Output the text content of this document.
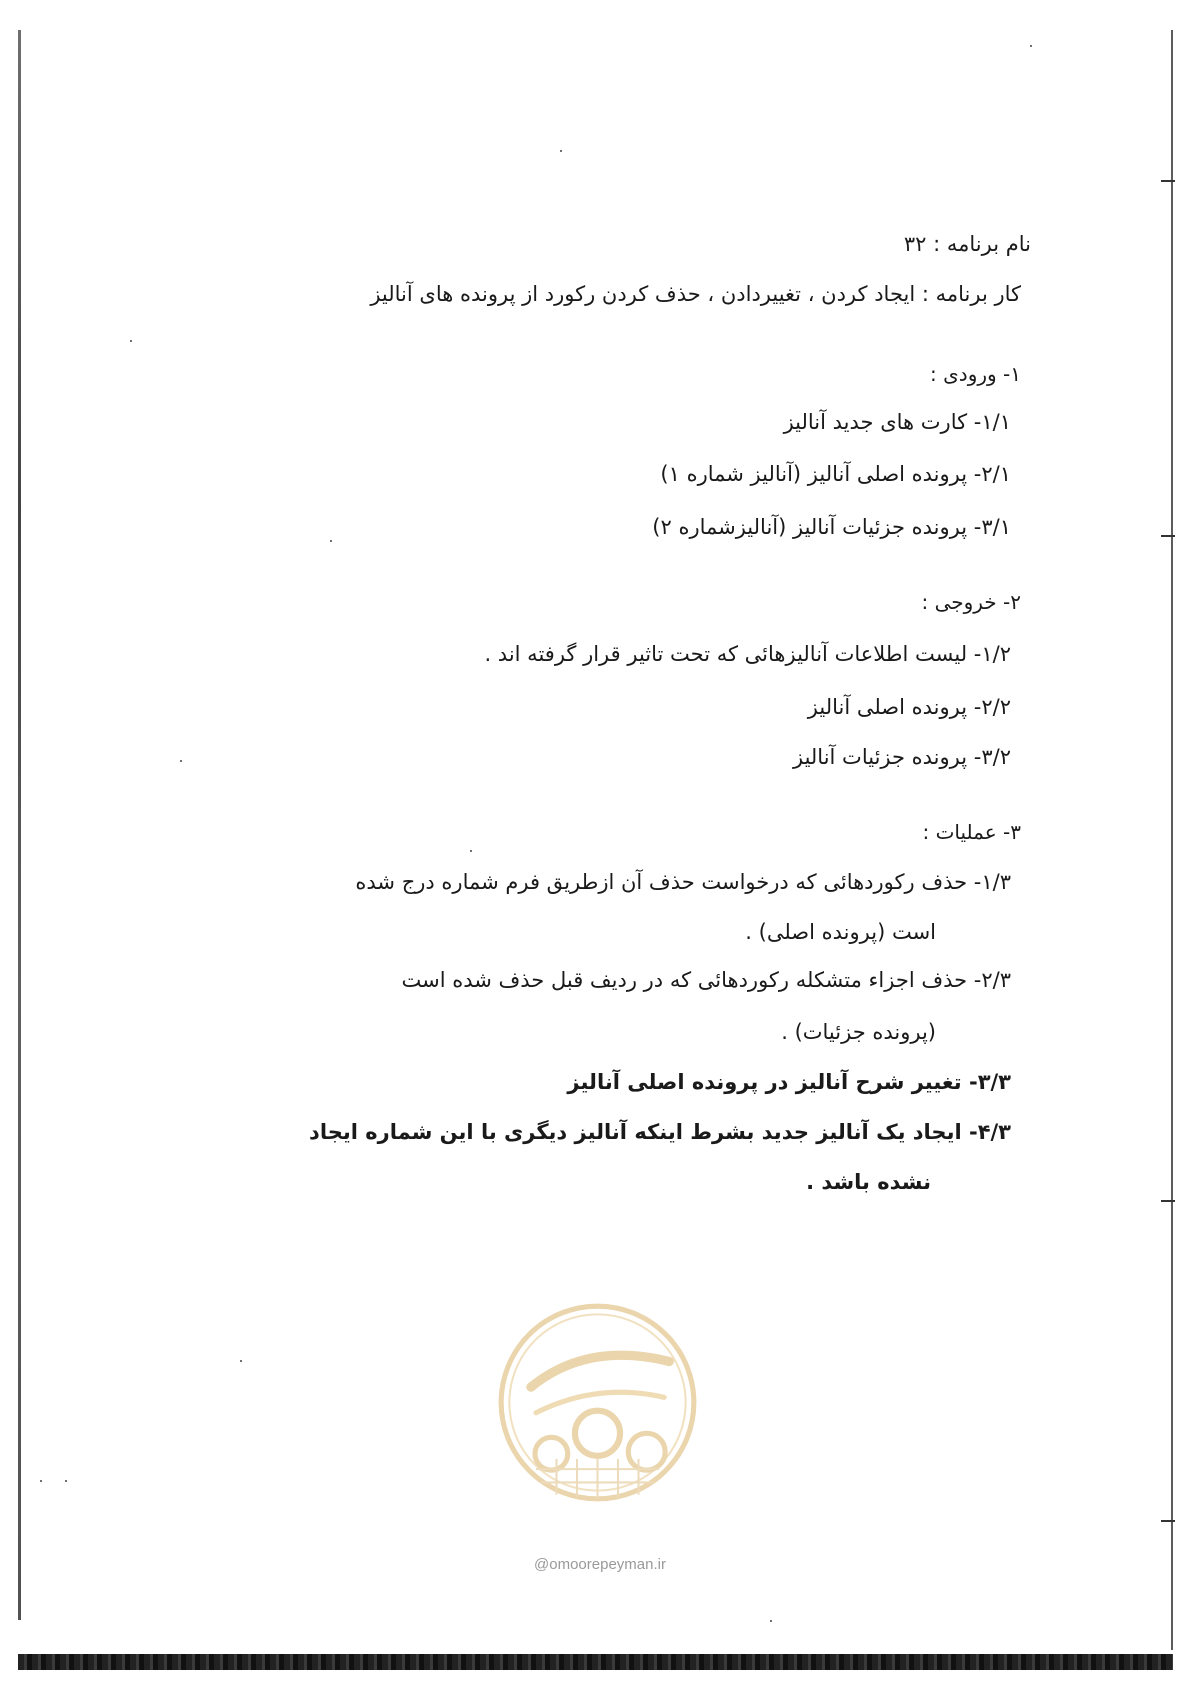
نام برنامه : ۳۲
کار برنامه : ایجاد کردن ، تغییردادن ، حذف کردن رکورد از پرونده های آنالیز
۱- ورودی :
۱/۱- کارت های جدید آنالیز
۲/۱- پرونده اصلی آنالیز (آنالیز شماره ۱)
۳/۱- پرونده جزئیات آنالیز (آنالیزشماره ۲)
۲- خروجی :
۱/۲- لیست اطلاعات آنالیزهائی که تحت تاثیر قرار گرفته اند .
۲/۲- پرونده اصلی آنالیز
۳/۲- پرونده جزئیات آنالیز
۳- عملیات :
۱/۳- حذف رکوردهائی که درخواست حذف آن ازطریق فرم شماره درج شده
است (پرونده اصلی) .
۲/۳- حذف اجزاء متشکله رکوردهائی که در ردیف قبل حذف شده است
(پرونده جزئیات) .
۳/۳- تغییر شرح آنالیز در پرونده اصلی آنالیز
۴/۳- ایجاد یک آنالیز جدید بشرط اینکه آنالیز دیگری با این شماره ایجاد
نشده باشد .
@omoorepeyman.ir
